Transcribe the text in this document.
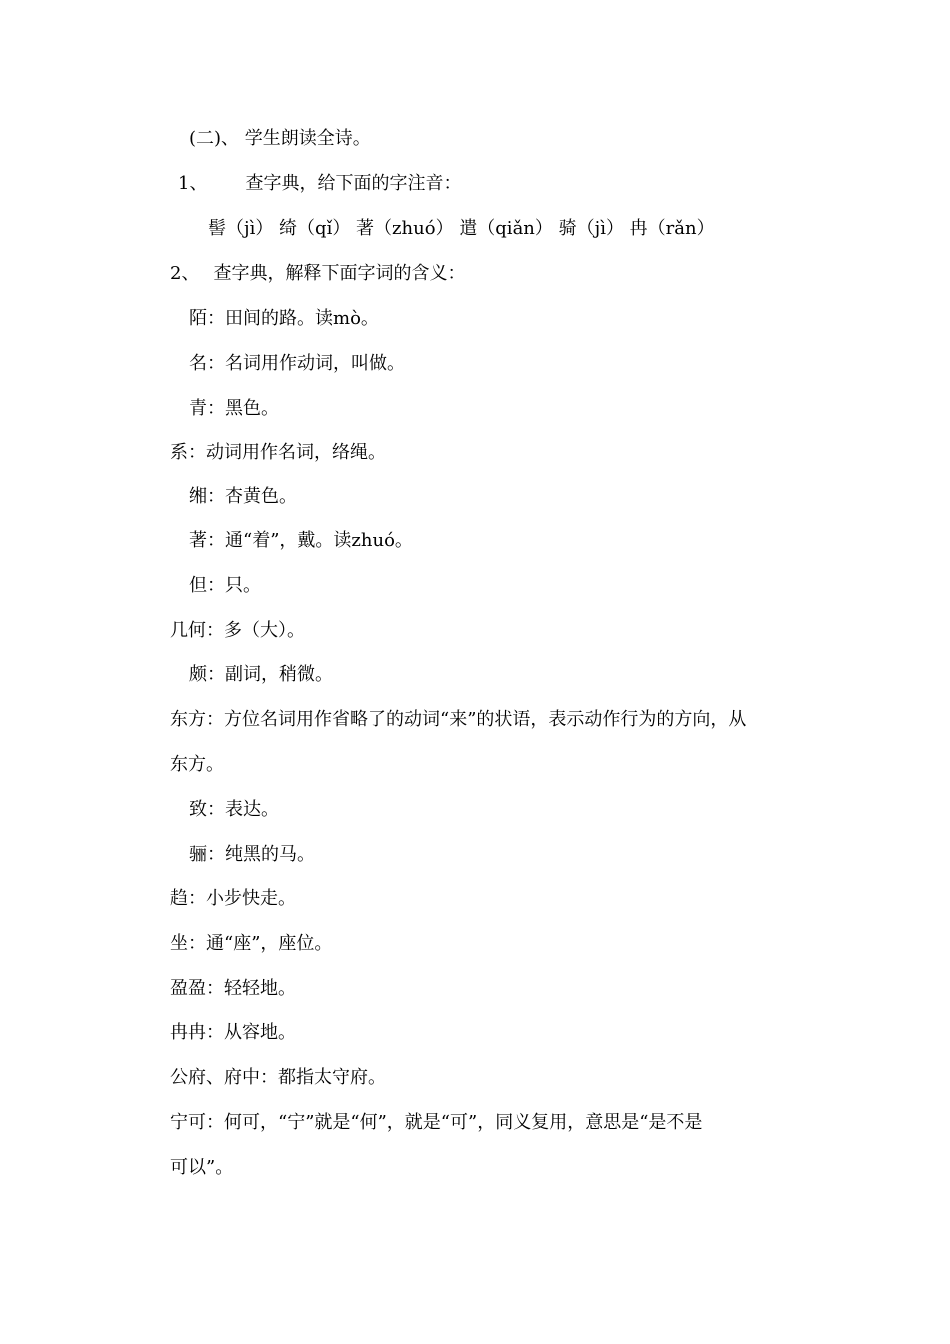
(二)、 学生朗读全诗。
1、 查字典，给下面的字注音：
髻（jì） 绮（qǐ） 著（zhuó） 遣（qiǎn） 骑（jì） 冉（rǎn）
2、 查字典，解释下面字词的含义：
陌：田间的路。读mò。
名：名词用作动词，叫做。
青：黑色。
系：动词用作名词，络绳。
缃：杏黄色。
著：通“着”，戴。读zhuó。
但：只。
几何：多（大）。
颇：副词，稍微。
东方：方位名词用作省略了的动词“来”的状语，表示动作行为的方向，从
东方。
致：表达。
骊：纯黑的马。
趋：小步快走。
坐：通“座”，座位。
盈盈：轻轻地。
冉冉：从容地。
公府、府中：都指太守府。
宁可：何可，“宁”就是“何”，就是“可”，同义复用，意思是“是不是
可以”。
